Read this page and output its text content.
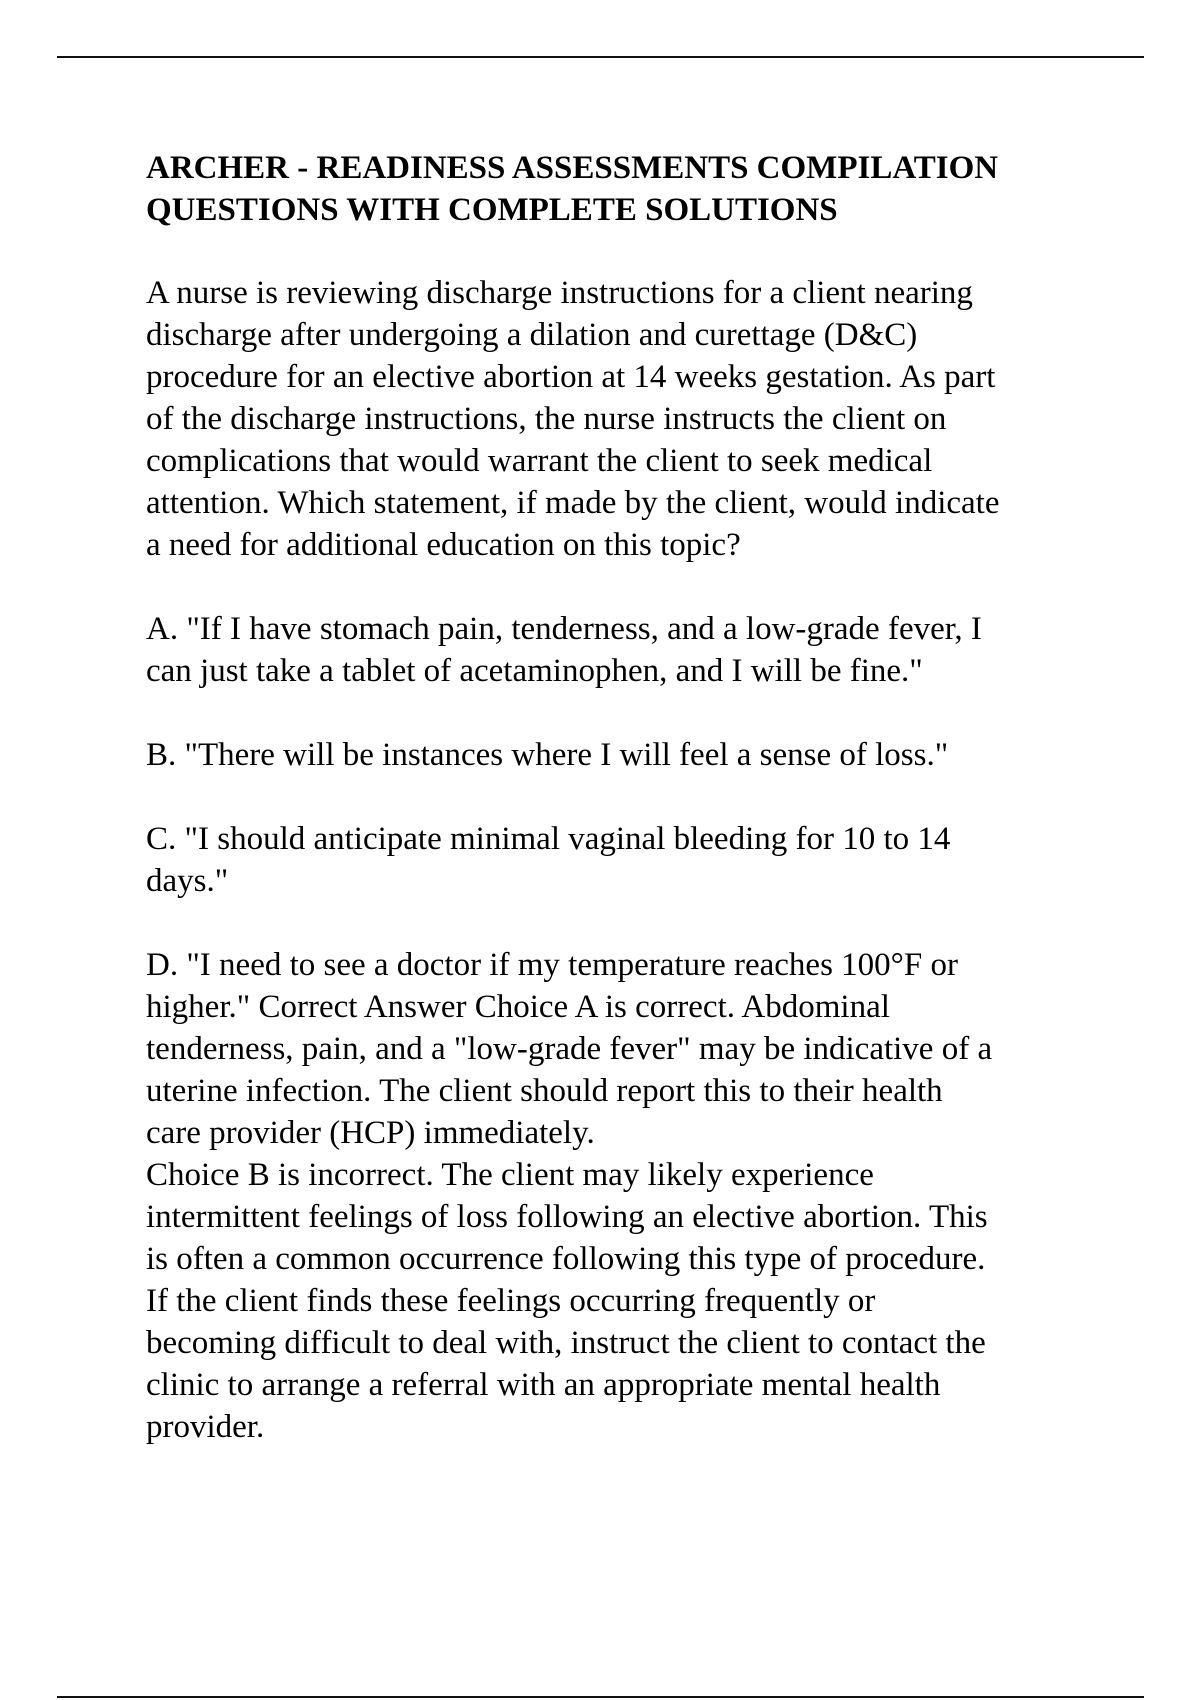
ARCHER - READINESS ASSESSMENTS COMPILATION
QUESTIONS WITH COMPLETE SOLUTIONS
A nurse is reviewing discharge instructions for a client nearing
discharge after undergoing a dilation and curettage (D&C)
procedure for an elective abortion at 14 weeks gestation. As part
of the discharge instructions, the nurse instructs the client on
complications that would warrant the client to seek medical
attention. Which statement, if made by the client, would indicate
a need for additional education on this topic?
A. "If I have stomach pain, tenderness, and a low-grade fever, I
can just take a tablet of acetaminophen, and I will be fine."
B. "There will be instances where I will feel a sense of loss."
C. "I should anticipate minimal vaginal bleeding for 10 to 14
days."
D. "I need to see a doctor if my temperature reaches 100°F or
higher." Correct Answer Choice A is correct. Abdominal
tenderness, pain, and a "low-grade fever" may be indicative of a
uterine infection. The client should report this to their health
care provider (HCP) immediately.
Choice B is incorrect. The client may likely experience
intermittent feelings of loss following an elective abortion. This
is often a common occurrence following this type of procedure.
If the client finds these feelings occurring frequently or
becoming difficult to deal with, instruct the client to contact the
clinic to arrange a referral with an appropriate mental health
provider.
